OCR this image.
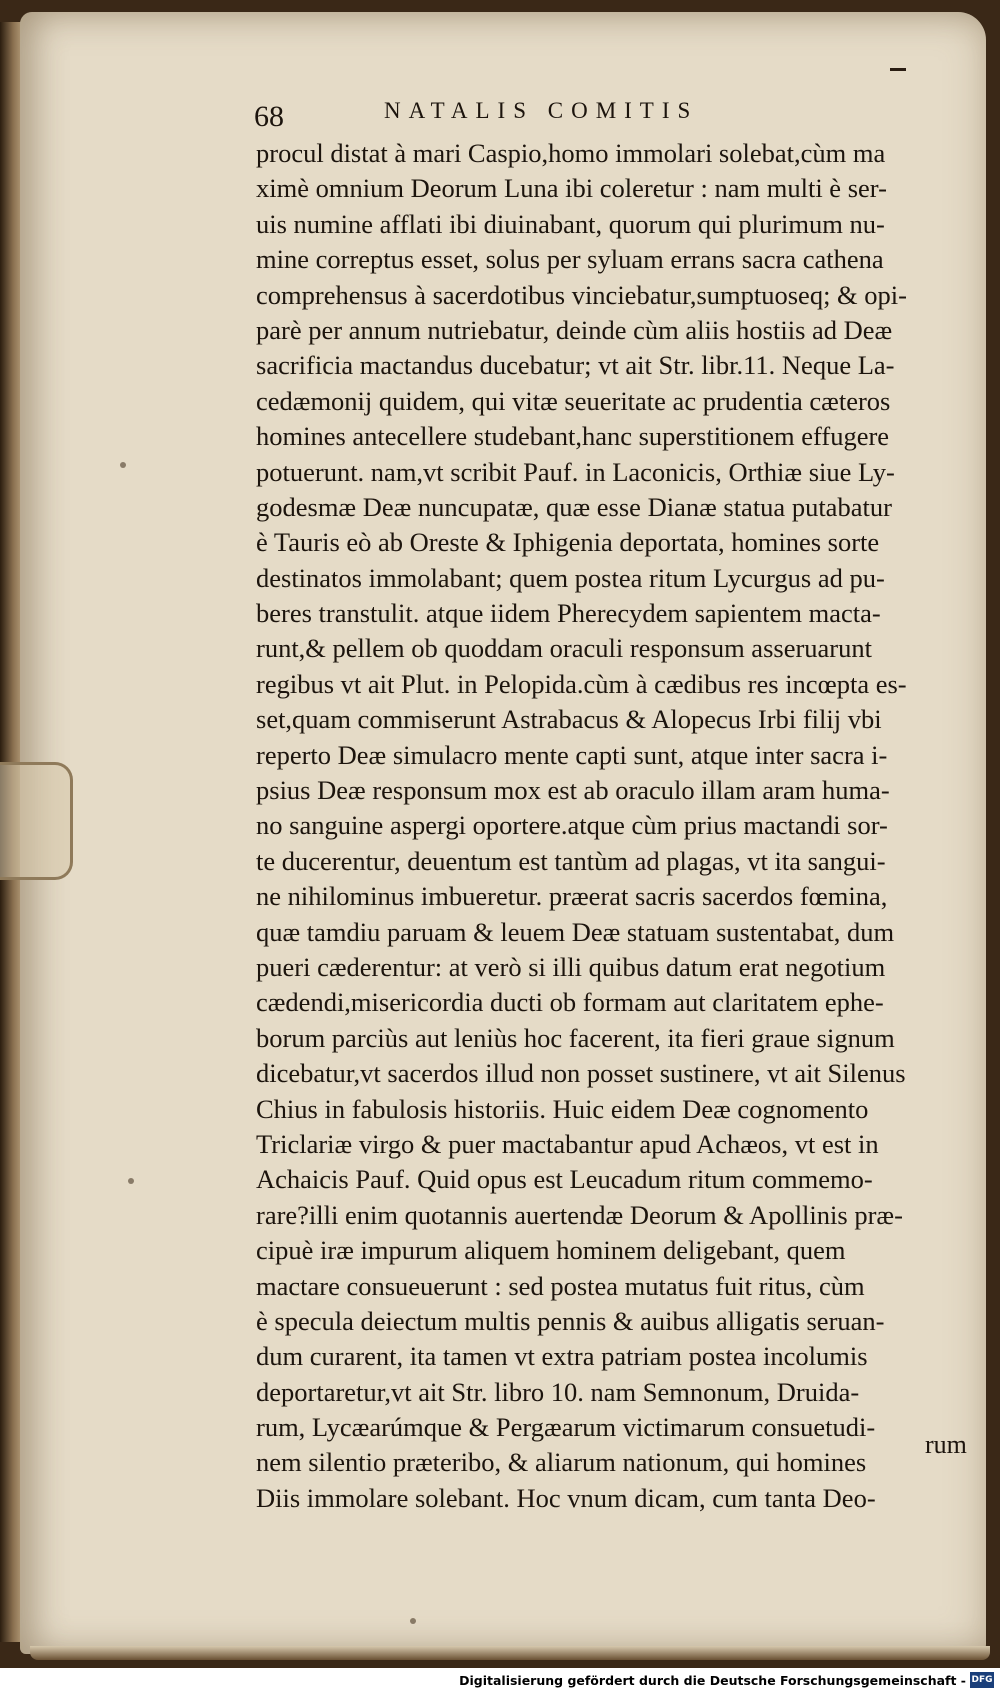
68	NATALIS COMITIS
procul distat à mari Caspio,homo immolari solebat,cùm ma
ximè omnium Deorum Luna ibi coleretur : nam multi è ser-
uis numine afflati ibi diuinabant, quorum qui plurimum nu-
mine correptus esset, solus per syluam errans sacra cathena
comprehensus à sacerdotibus vinciebatur,sumptuoseq; & opi-
parè per annum nutriebatur, deinde cùm aliis hostiis ad Deæ
sacrificia mactandus ducebatur; vt ait Str. libr.11. Neque La-
cedæmonij quidem, qui vitæ seueritate ac prudentia cæteros
homines antecellere studebant,hanc superstitionem effugere
potuerunt. nam,vt scribit Pauf. in Laconicis, Orthiæ siue Ly-
godesmæ Deæ nuncupatæ, quæ esse Dianæ statua putabatur
è Tauris eò ab Oreste & Iphigenia deportata, homines sorte
destinatos immolabant; quem postea ritum Lycurgus ad pu-
beres transtulit. atque iidem Pherecydem sapientem macta-
runt,& pellem ob quoddam oraculi responsum asseruarunt
regibus vt ait Plut. in Pelopida.cùm à cædibus res incœpta es-
set,quam commiserunt Astrabacus & Alopecus Irbi filij vbi
reperto Deæ simulacro mente capti sunt, atque inter sacra i-
psius Deæ responsum mox est ab oraculo illam aram huma-
no sanguine aspergi oportere.atque cùm prius mactandi sor-
te ducerentur, deuentum est tantùm ad plagas, vt ita sangui-
ne nihilominus imbueretur. præerat sacris sacerdos fœmina,
quæ tamdiu paruam & leuem Deæ statuam sustentabat, dum
pueri cæderentur: at verò si illi quibus datum erat negotium
cædendi,misericordia ducti ob formam aut claritatem ephe-
borum parciùs aut leniùs hoc facerent, ita fieri graue signum
dicebatur,vt sacerdos illud non posset sustinere, vt ait Silenus
Chius in fabulosis historiis. Huic eidem Deæ cognomento
Triclariæ virgo & puer mactabantur apud Achæos, vt est in
Achaicis Pauf. Quid opus est Leucadum ritum commemo-
rare?illi enim quotannis auertendæ Deorum & Apollinis præ-
cipuè iræ impurum aliquem hominem deligebant, quem
mactare consueuerunt : sed postea mutatus fuit ritus, cùm
è specula deiectum multis pennis & auibus alligatis seruan-
dum curarent, ita tamen vt extra patriam postea incolumis
deportaretur,vt ait Str. libro 10. nam Semnonum, Druida-
rum, Lycæarúmque & Pergæarum victimarum consuetudi-
nem silentio præteribo, & aliarum nationum, qui homines
Diis immolare solebant. Hoc vnum dicam, cum tanta Deo-
rum
Digitalisierung gefördert durch die Deutsche Forschungsgemeinschaft - DFG
